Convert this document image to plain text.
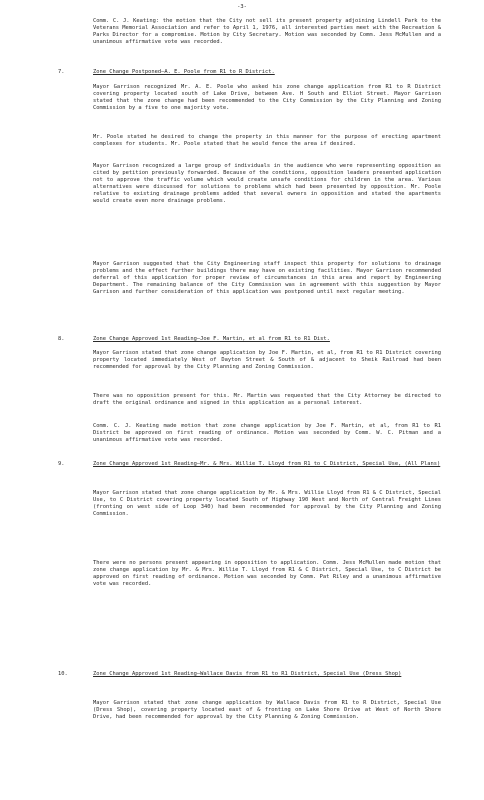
-3-
Comm. C. J. Keating: the motion that the City not sell its present property adjoining Lindell Park to the Veterans Memorial Association and refer to April 1, 1976, all interested parties meet with the Recreation & Parks Director for a compromise. Motion by City Secretary. Motion was seconded by Comm. Jess McMullen and a unanimous affirmative vote was recorded.
7.	Zone Change Postponed—A. E. Poole from R1 to R District.
Mayor Garrison recognized Mr. A. E. Poole who asked his zone change application from R1 to R District covering property located south of Lake Drive, between Ave. H South and Elliot Street. Mayor Garrison stated that the zone change had been recommended to the City Commission by the City Planning and Zoning Commission by a five to one majority vote.
Mr. Poole stated he desired to change the property in this manner for the purpose of erecting apartment complexes for students. Mr. Poole stated that he would fence the area if desired.
Mayor Garrison recognized a large group of individuals in the audience who were representing opposition as cited by petition previously forwarded. Because of the conditions, opposition leaders presented application not to approve the traffic volume which would create unsafe conditions for children in the area. Various alternatives were discussed for solutions to problems which had been presented by opposition. Mr. Poole relative to existing drainage problems added that several owners in opposition and stated the apartments would create even more drainage problems.
Mayor Garrison suggested that the City Engineering staff inspect this property for solutions to drainage problems and the effect further buildings there may have on existing facilities. Mayor Garrison recommended deferral of this application for proper review of circumstances in this area and report by Engineering Department. The remaining balance of the City Commission was in agreement with this suggestion by Mayor Garrison and further consideration of this application was postponed until next regular meeting.
8.	Zone Change Approved 1st Reading—Joe F. Martin, et al from R1 to R1 Dist.
Mayor Garrison stated that zone change application by Joe F. Martin, et al, from R1 to R1 District covering property located immediately West of Dayton Street & South of & adjacent to Sheik Railroad had been recommended for approval by the City Planning and Zoning Commission.
There was no opposition present for this. Mr. Martin was requested that the City Attorney be directed to draft the original ordinance and signed in this application as a personal interest.
Comm. C. J. Keating made motion that zone change application by Joe F. Martin, et al, from R1 to R1 District be approved on first reading of ordinance. Motion was seconded by Comm. W. C. Pitman and a unanimous affirmative vote was recorded.
9.	Zone Change Approved 1st Reading—Mr. & Mrs. Willie T. Lloyd from R1 to C District, Special Use, (All Plans)
Mayor Garrison stated that zone change application by Mr. & Mrs. Willie Lloyd from R1 & C District, Special Use, to C District covering property located South of Highway 190 West and North of Central Freight Lines (fronting on west side of Loop 340) had been recommended for approval by the City Planning and Zoning Commission.
There were no persons present appearing in opposition to application. Comm. Jess McMullen made motion that zone change application by Mr. & Mrs. Willie T. Lloyd from R1 & C District, Special Use, to C District be approved on first reading of ordinance. Motion was seconded by Comm. Pat Riley and a unanimous affirmative vote was recorded.
10.	Zone Change Approved 1st Reading—Wallace Davis from R1 to R1 District, Special Use (Dress Shop)
Mayor Garrison stated that zone change application by Wallace Davis from R1 to R District, Special Use (Dress Shop), covering property located east of & fronting on Lake Shore Drive at West of North Shore Drive, had been recommended for approval by the City Planning & Zoning Commission.
